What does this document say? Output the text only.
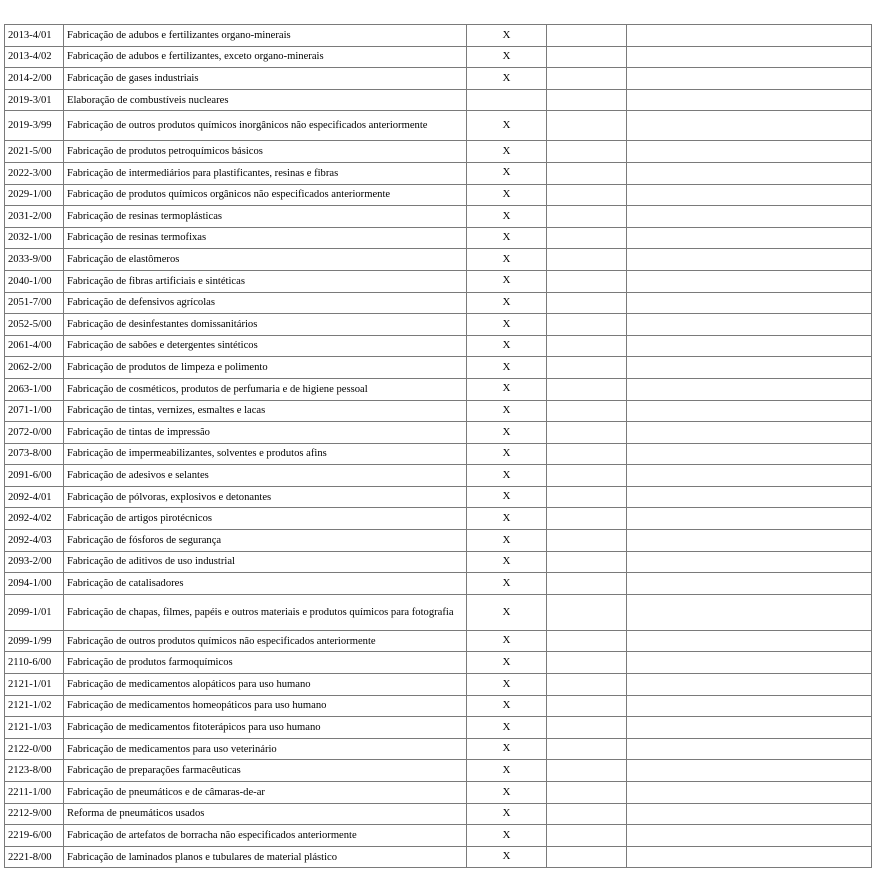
2013-4/01	Fabricação de adubos e fertilizantes organo-minerais	X		
2013-4/02	Fabricação de adubos e fertilizantes, exceto organo-minerais	X		
2014-2/00	Fabricação de gases industriais	X		
2019-3/01	Elaboração de combustíveis nucleares			
2019-3/99	Fabricação de outros produtos químicos inorgânicos não especificados anteriormente	X		
2021-5/00	Fabricação de produtos petroquímicos básicos	X		
2022-3/00	Fabricação de intermediários para plastificantes, resinas e fibras	X		
2029-1/00	Fabricação de produtos químicos orgânicos não especificados anteriormente	X		
2031-2/00	Fabricação de resinas termoplásticas	X		
2032-1/00	Fabricação de resinas termofixas	X		
2033-9/00	Fabricação de elastômeros	X		
2040-1/00	Fabricação de fibras artificiais e sintéticas	X		
2051-7/00	Fabricação de defensivos agrícolas	X		
2052-5/00	Fabricação de desinfestantes domissanitários	X		
2061-4/00	Fabricação de sabões e detergentes sintéticos	X		
2062-2/00	Fabricação de produtos de limpeza e polimento	X		
2063-1/00	Fabricação de cosméticos, produtos de perfumaria e de higiene pessoal	X		
2071-1/00	Fabricação de tintas, vernizes, esmaltes e lacas	X		
2072-0/00	Fabricação de tintas de impressão	X		
2073-8/00	Fabricação de impermeabilizantes, solventes e produtos afins	X		
2091-6/00	Fabricação de adesivos e selantes	X		
2092-4/01	Fabricação de pólvoras, explosivos e detonantes	X		
2092-4/02	Fabricação de artigos pirotécnicos	X		
2092-4/03	Fabricação de fósforos de segurança	X		
2093-2/00	Fabricação de aditivos de uso industrial	X		
2094-1/00	Fabricação de catalisadores	X		
2099-1/01	Fabricação de chapas, filmes, papéis e outros materiais e produtos químicos para fotografia	X		
2099-1/99	Fabricação de outros produtos químicos não especificados anteriormente	X		
2110-6/00	Fabricação de produtos farmoquímicos	X		
2121-1/01	Fabricação de medicamentos alopáticos para uso humano	X		
2121-1/02	Fabricação de medicamentos homeopáticos para uso humano	X		
2121-1/03	Fabricação de medicamentos fitoterápicos para uso humano	X		
2122-0/00	Fabricação de medicamentos para uso veterinário	X		
2123-8/00	Fabricação de preparações farmacêuticas	X		
2211-1/00	Fabricação de pneumáticos e de câmaras-de-ar	X		
2212-9/00	Reforma de pneumáticos usados	X		
2219-6/00	Fabricação de artefatos de borracha não especificados anteriormente	X		
2221-8/00	Fabricação de laminados planos e tubulares de material plástico	X		
